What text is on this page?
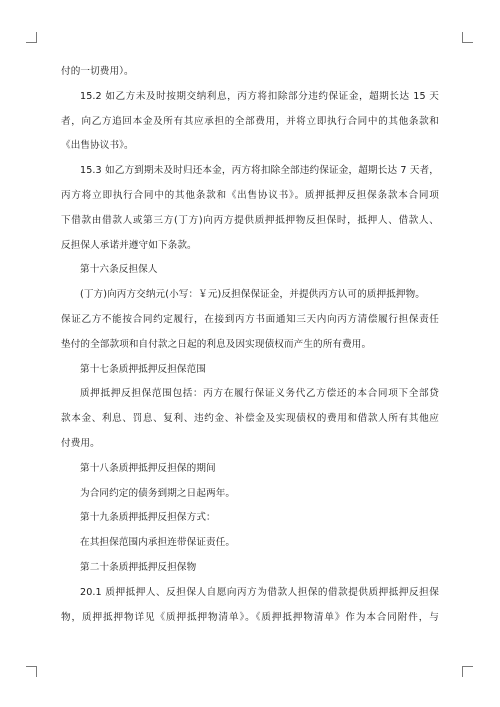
付的一切费用）。
15.2 如乙方未及时按期交纳利息，丙方将扣除部分违约保证金，超期长达 15 天
者，向乙方追回本金及所有其应承担的全部费用，并将立即执行合同中的其他条款和
《出售协议书》。
15.3 如乙方到期未及时归还本金，丙方将扣除全部违约保证金，超期长达 7 天者，
丙方将立即执行合同中的其他条款和《出售协议书》。质押抵押反担保条款本合同项
下借款由借款人或第三方(丁方)向丙方提供质押抵押物反担保时，抵押人、借款人、
反担保人承诺并遵守如下条款。
第十六条反担保人
(丁方)向丙方交纳元(小写：￥元)反担保保证金，并提供丙方认可的质押抵押物。
保证乙方不能按合同约定履行，在接到丙方书面通知三天内向丙方清偿履行担保责任
垫付的全部款项和自付款之日起的利息及因实现债权而产生的所有费用。
第十七条质押抵押反担保范围
质押抵押反担保范围包括：丙方在履行保证义务代乙方偿还的本合同项下全部贷
款本金、利息、罚息、复利、违约金、补偿金及实现债权的费用和借款人所有其他应
付费用。
第十八条质押抵押反担保的期间
为合同约定的债务到期之日起两年。
第十九条质押抵押反担保方式：
在其担保范围内承担连带保证责任。
第二十条质押抵押反担保物
20.1 质押抵押人、反担保人自愿向丙方为借款人担保的借款提供质押抵押反担保
物，质押抵押物详见《质押抵押物清单》。《质押抵押物清单》作为本合同附件，与
